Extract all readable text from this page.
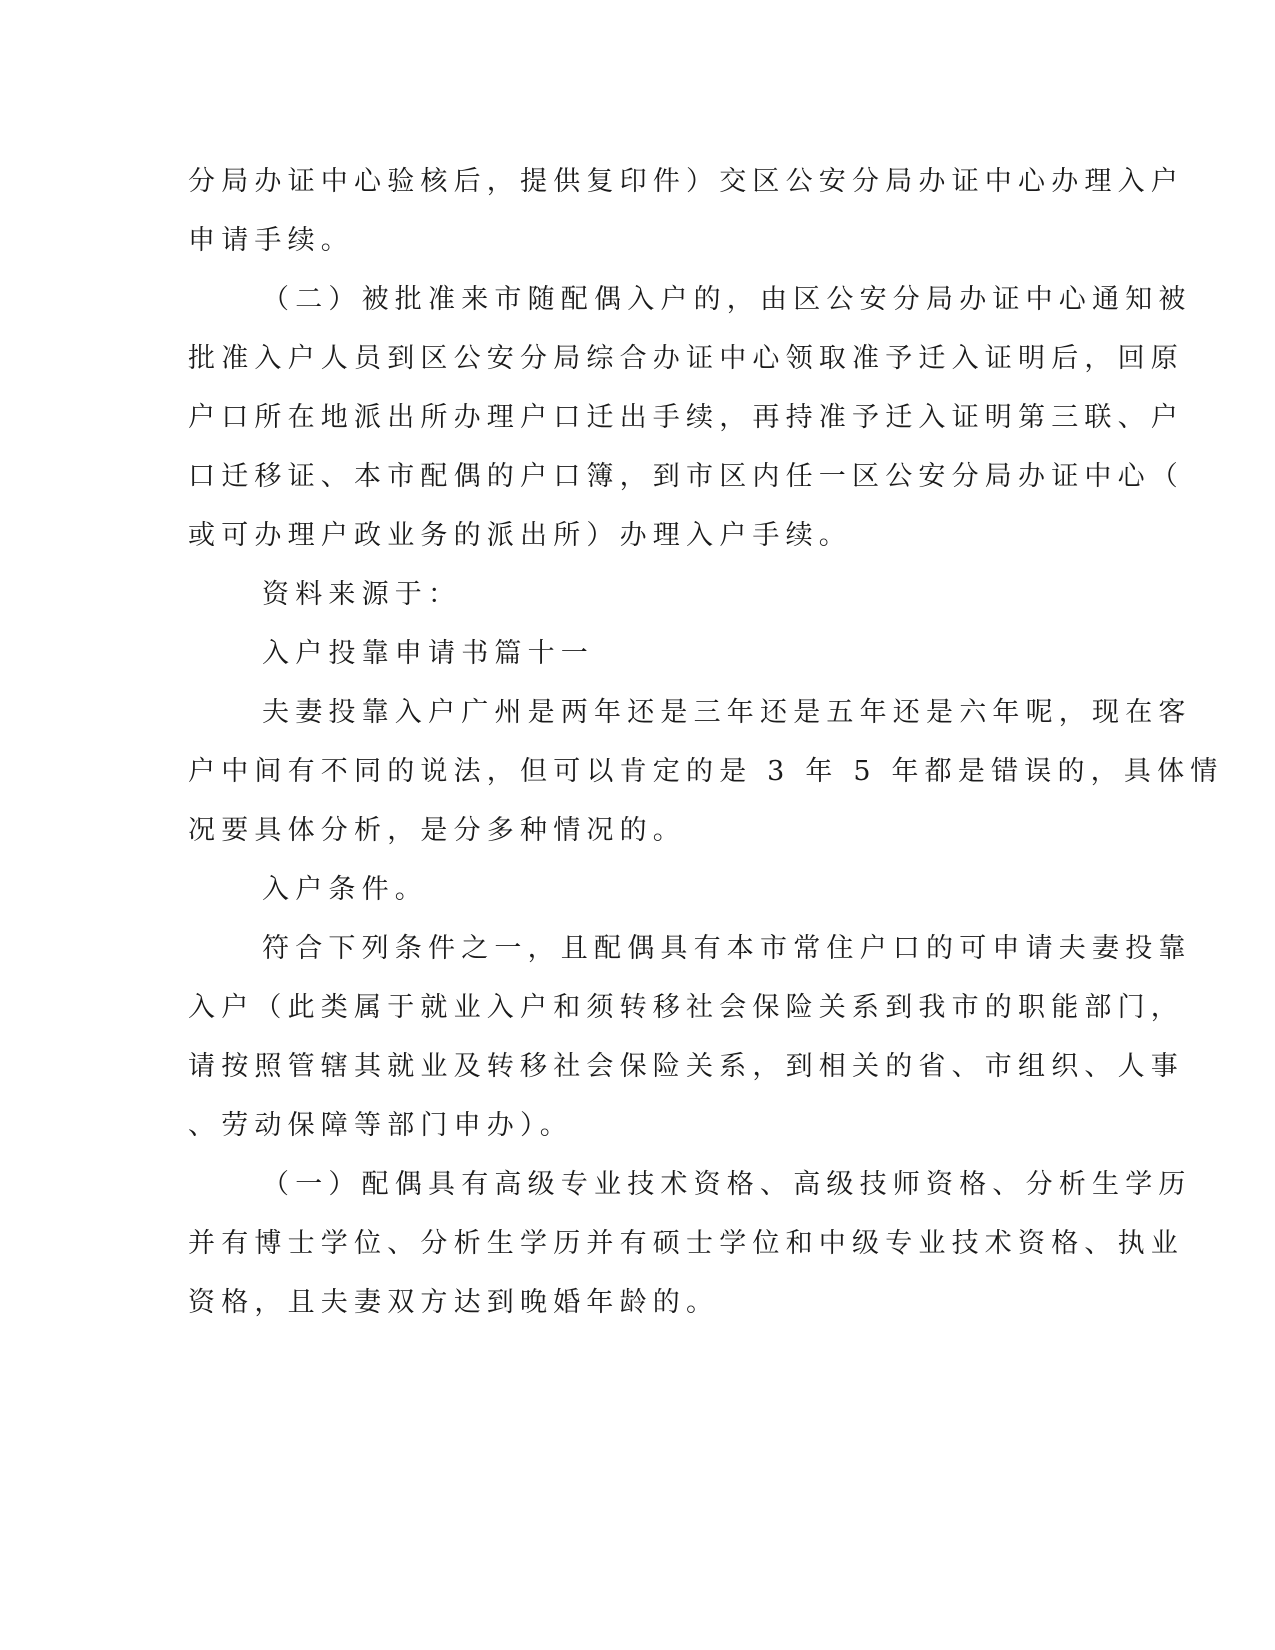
分局办证中心验核后，提供复印件）交区公安分局办证中心办理入户
申请手续。
（二）被批准来市随配偶入户的，由区公安分局办证中心通知被
批准入户人员到区公安分局综合办证中心领取准予迁入证明后，回原
户口所在地派出所办理户口迁出手续，再持准予迁入证明第三联、户
口迁移证、本市配偶的户口簿，到市区内任一区公安分局办证中心（
或可办理户政业务的派出所）办理入户手续。
资料来源于：
入户投靠申请书篇十一
夫妻投靠入户广州是两年还是三年还是五年还是六年呢，现在客
户中间有不同的说法，但可以肯定的是 3 年 5 年都是错误的，具体情
况要具体分析，是分多种情况的。
入户条件。
符合下列条件之一，且配偶具有本市常住户口的可申请夫妻投靠
入户（此类属于就业入户和须转移社会保险关系到我市的职能部门，
请按照管辖其就业及转移社会保险关系，到相关的省、市组织、人事
、劳动保障等部门申办）。
（一）配偶具有高级专业技术资格、高级技师资格、分析生学历
并有博士学位、分析生学历并有硕士学位和中级专业技术资格、执业
资格，且夫妻双方达到晚婚年龄的。
